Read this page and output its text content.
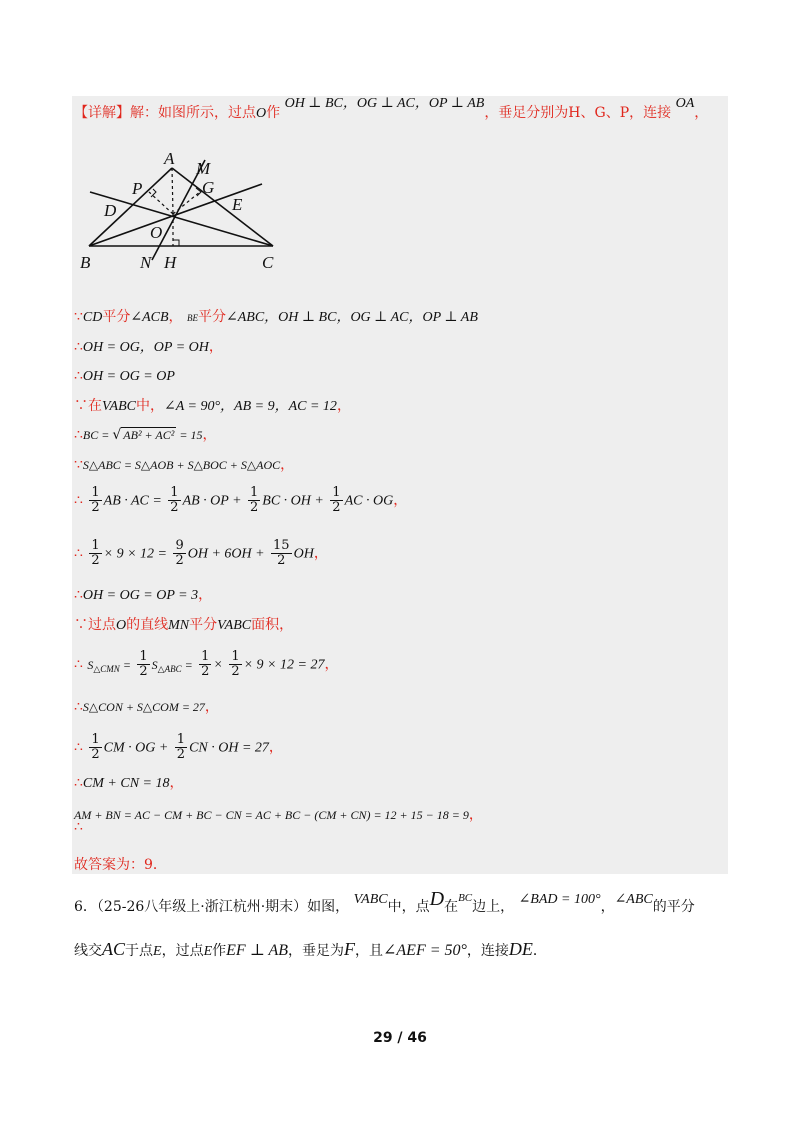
【详解】解：如图所示，过点O作 OH ⊥ BC，OG ⊥ AC，OP ⊥ AB，垂足分别为H、G、P，连接 OA，
A
M
P	G
D	E
O
B	N H	C
∵CD平分∠ACB， BE平分∠ABC，OH ⊥ BC，OG ⊥ AC，OP ⊥ AB
∴OH = OG，OP = OH，
∴OH = OG = OP
∵在VABC中，∠A = 90°，AB = 9，AC = 12，
∴BC = √ AB² + AC² = 15，
∵S△ABC = S△AOB + S△BOC + S△AOC，
∴ $\frac{1}{2}$ AB · AC = $\frac{1}{2}$ AB · OP + $\frac{1}{2}$ BC · OH + $\frac{1}{2}$ AC · OG，
∴ $\frac{1}{2} \times 9 \times 12 = \frac{9}{2}$ OH + $6OH + \frac{15}{2}$ OH，
∴OH = OG = OP = 3，
∵过点O的直线MN平分VABC面积，
∴ $S_{\triangle CMN} = \frac{1}{2} S_{\triangle ABC} = \frac{1}{2} \times \frac{1}{2} \times 9 \times 12 = 27$，
∴S△CON + S△COM = 27，
∴ $\frac{1}{2}$ CM · OG + $\frac{1}{2}$ CN · OH = 27，
∴CM + CN = 18，
AM + BN = AC − CM + BC − CN = AC + BC − (CM + CN) = 12 + 15 − 18 = 9，
∴
故答案为：9．
6．（25-26八年级上·浙江杭州·期末）如图， VABC中，点D在$^{BC}$边上， ∠BAD = 100°，∠ABC的平分
线交AC于点E，过点E作EF ⊥ AB，垂足为F，且∠AEF = 50°，连接DE．
29 / 46
